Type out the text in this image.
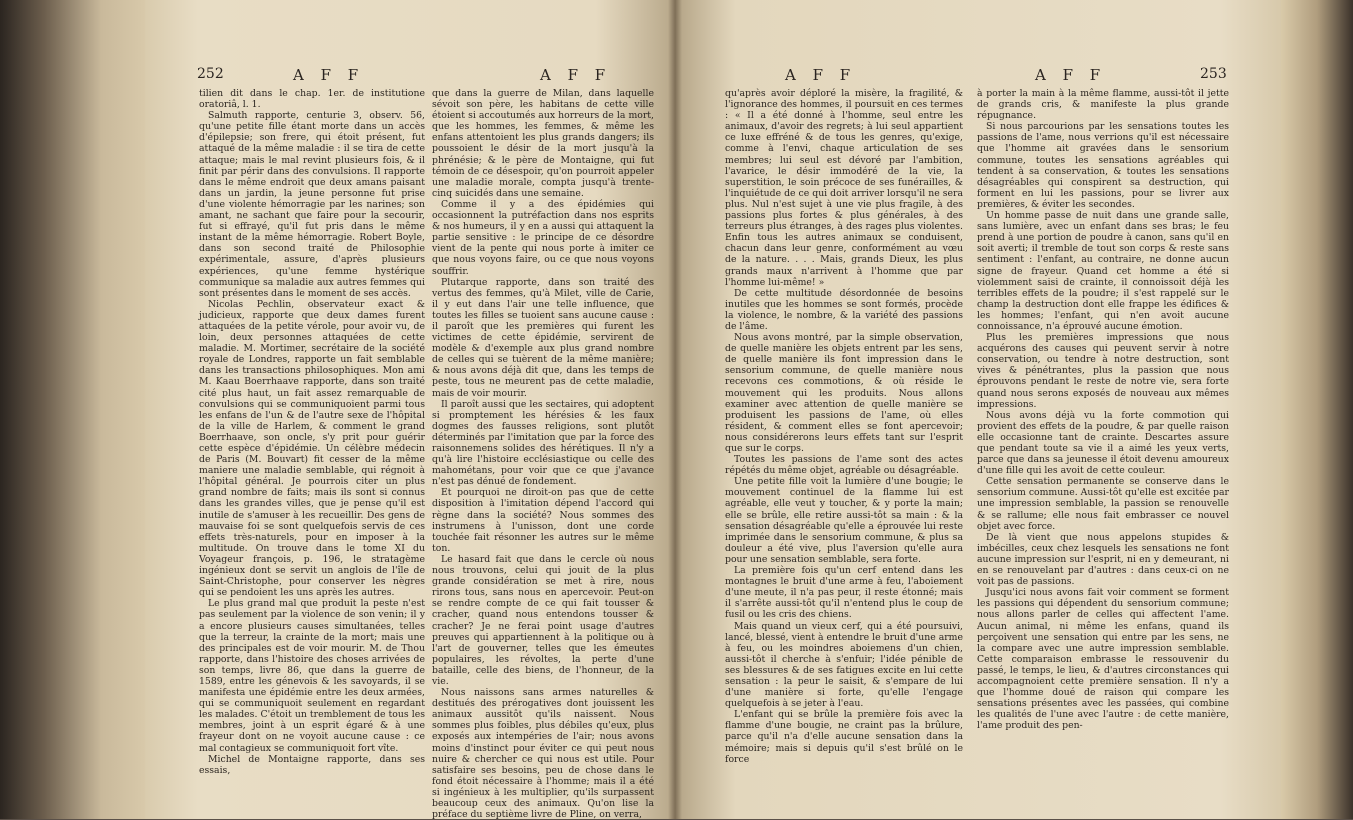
252	A F F	A F F

tilien dit dans le chap. 1er. de institutione oratoriâ, l. 1.

Salmuth rapporte, centurie 3, observ. 56, qu'une petite fille étant morte dans un accès d'épilepsie; son frere, qui étoit présent, fut attaqué de la même maladie : il se tira de cette attaque; mais le mal revint plusieurs fois, & il finit par périr dans des convulsions. Il rapporte dans le même endroit que deux amans paisant dans un jardin, la jeune personne fut prise d'une violente hémorragie par les narines; son amant, ne sachant que faire pour la secourir, fut si effrayé, qu'il fut pris dans le même instant de la même hémorragie. Robert Boyle, dans son second traité de Philosophie expérimentale, assure, d'après plusieurs expériences, qu'une femme hystérique communique sa maladie aux autres femmes qui sont présentes dans le moment de ses accès.

Nicolas Pechlin, observateur exact & judicieux, rapporte que deux dames furent attaquées de la petite vérole, pour avoir vu, de loin, deux personnes attaquées de cette maladie. M. Mortimer, secrétaire de la société royale de Londres, rapporte un fait semblable dans les transactions philosophiques. Mon ami M. Kaau Boerrhaave rapporte, dans son traité cité plus haut, un fait assez remarquable de convulsions qui se communiquoient parmi tous les enfans de l'un & de l'autre sexe de l'hôpital de la ville de Harlem, & comment le grand Boerrhaave, son oncle, s'y prit pour guérir cette espèce d'épidémie. Un célèbre médecin de Paris (M. Bouvart) fit cesser de la même maniere une maladie semblable, qui régnoit à l'hôpital général. Je pourrois citer un plus grand nombre de faits; mais ils sont si connus dans les grandes villes, que je pense qu'il est inutile de s'amuser à les recueillir. Des gens de mauvaise foi se sont quelquefois servis de ces effets très-naturels, pour en imposer à la multitude. On trouve dans le tome XI du Voyageur françois, p. 196, le stratagème ingénieux dont se servit un anglois de l'île de Saint-Christophe, pour conserver les nègres qui se pendoient les uns après les autres.

Le plus grand mal que produit la peste n'est pas seulement par la violence de son venin; il y a encore plusieurs causes simultanées, telles que la terreur, la crainte de la mort; mais une des principales est de voir mourir. M. de Thou rapporte, dans l'histoire des choses arrivées de son temps, livre 86, que dans la guerre de 1589, entre les génevois & les savoyards, il se manifesta une épidémie entre les deux armées, qui se communiquoit seulement en regardant les malades. C'étoit un tremblement de tous les membres, joint à un esprit égaré & à une frayeur dont on ne voyoit aucune cause : ce mal contagieux se communiquoit fort vîte.

Michel de Montaigne rapporte, dans ses essais,

que dans la guerre de Milan, dans laquelle sévoit son père, les habitans de cette ville étoient si accoutumés aux horreurs de la mort, que les hommes, les femmes, & même les enfans attentoient les plus grands dangers; ils poussoient le désir de la mort jusqu'à la phrénésie; & le père de Montaigne, qui fut témoin de ce désespoir, qu'on pourroit appeler une maladie morale, compta jusqu'à trente-cinq suicidés dans une semaine.

Comme il y a des épidémies qui occasionnent la putréfaction dans nos esprits & nos humeurs, il y en a aussi qui attaquent la partie sensitive : le principe de ce désordre vient de la pente qui nous porte à imiter ce que nous voyons faire, ou ce que nous voyons souffrir.

Plutarque rapporte, dans son traité des vertus des femmes, qu'à Milet, ville de Carie, il y eut dans l'air une telle influence, que toutes les filles se tuoient sans aucune cause : il paroît que les premières qui furent les victimes de cette épidémie, servirent de modèle & d'exemple aux plus grand nombre de celles qui se tuèrent de la même manière; & nous avons déjà dit que, dans les temps de peste, tous ne meurent pas de cette maladie, mais de voir mourir.

Il paroît aussi que les sectaires, qui adoptent si promptement les hérésies & les faux dogmes des fausses religions, sont plutôt déterminés par l'imitation que par la force des raisonnemens solides des hérétiques. Il n'y a qu'à lire l'histoire ecclésiastique ou celle des mahométans, pour voir que ce que j'avance n'est pas dénué de fondement.

Et pourquoi ne diroit-on pas que de cette disposition à l'imitation dépend l'accord qui règne dans la société? Nous sommes des instrumens à l'unisson, dont une corde touchée fait résonner les autres sur le même ton.

Le hasard fait que dans le cercle où nous nous trouvons, celui qui jouit de la plus grande considération se met à rire, nous rirons tous, sans nous en apercevoir. Peut-on se rendre compte de ce qui fait tousser & cracher, quand nous entendons tousser & cracher? Je ne ferai point usage d'autres preuves qui appartiennent à la politique ou à l'art de gouverner, telles que les émeutes populaires, les révoltes, la perte d'une bataille, celle des biens, de l'honneur, de la vie.

Nous naissons sans armes naturelles & destitués des prérogatives dont jouissent les animaux aussitôt qu'ils naissent. Nous sommes plus foibles, plus débiles qu'eux, plus exposés aux intempéries de l'air; nous avons moins d'instinct pour éviter ce qui peut nous nuire & chercher ce qui nous est utile. Pour satisfaire ses besoins, peu de chose dans le fond étoit nécessaire à l'homme; mais il a été si ingénieux à les multiplier, qu'ils surpassent beaucoup ceux des animaux. Qu'on lise la préface du septième livre de Pline, on verra,

A F F	A F F	253

qu'après avoir déploré la misère, la fragilité, & l'ignorance des hommes, il poursuit en ces termes : « Il a été donné à l'homme, seul entre les animaux, d'avoir des regrets; à lui seul appartient ce luxe effréné & de tous les genres, qu'exige, comme à l'envi, chaque articulation de ses membres; lui seul est dévoré par l'ambition, l'avarice, le désir immodéré de la vie, la superstition, le soin précoce de ses funérailles, & l'inquiétude de ce qui doit arriver lorsqu'il ne sera plus. Nul n'est sujet à une vie plus fragile, à des passions plus fortes & plus générales, à des terreurs plus étranges, à des rages plus violentes. Enfin tous les autres animaux se conduisent, chacun dans leur genre, conformément au vœu de la nature. . . . Mais, grands Dieux, les plus grands maux n'arrivent à l'homme que par l'homme lui-même! »

De cette multitude désordonnée de besoins inutiles que les hommes se sont formés, procède la violence, le nombre, & la variété des passions de l'âme.

Nous avons montré, par la simple observation, de quelle manière les objets entrent par les sens, de quelle manière ils font impression dans le sensorium commune, de quelle manière nous recevons ces commotions, & où réside le mouvement qui les produits. Nous allons examiner avec attention de quelle manière se produisent les passions de l'ame, où elles résident, & comment elles se font apercevoir; nous considérerons leurs effets tant sur l'esprit que sur le corps.

Toutes les passions de l'ame sont des actes répétés du même objet, agréable ou désagréable.

Une petite fille voit la lumière d'une bougie; le mouvement continuel de la flamme lui est agréable, elle veut y toucher, & y porte la main; elle se brûle, elle retire aussi-tôt sa main : & la sensation désagréable qu'elle a éprouvée lui reste imprimée dans le sensorium commune, & plus sa douleur a été vive, plus l'aversion qu'elle aura pour une sensation semblable, sera forte.

La première fois qu'un cerf entend dans les montagnes le bruit d'une arme à feu, l'aboiement d'une meute, il n'a pas peur, il reste étonné; mais il s'arrête aussi-tôt qu'il n'entend plus le coup de fusil ou les cris des chiens.

Mais quand un vieux cerf, qui a été poursuivi, lancé, blessé, vient à entendre le bruit d'une arme à feu, ou les moindres aboiemens d'un chien, aussi-tôt il cherche à s'enfuir; l'idée pénible de ses blessures & de ses fatigues excite en lui cette sensation : la peur le saisit, & s'empare de lui d'une manière si forte, qu'elle l'engage quelquefois à se jeter à l'eau.

L'enfant qui se brûle la première fois avec la flamme d'une bougie, ne craint pas la brûlure, parce qu'il n'a d'elle aucune sensation dans la mémoire; mais si depuis qu'il s'est brûlé on le force

à porter la main à la même flamme, aussi-tôt il jette de grands cris, & manifeste la plus grande répugnance.

Si nous parcourions par les sensations toutes les passions de l'ame, nous verrions qu'il est nécessaire que l'homme ait gravées dans le sensorium commune, toutes les sensations agréables qui tendent à sa conservation, & toutes les sensations désagréables qui conspirent sa destruction, qui forment en lui les passions, pour se livrer aux premières, & éviter les secondes.

Un homme passe de nuit dans une grande salle, sans lumière, avec un enfant dans ses bras; le feu prend à une portion de poudre à canon, sans qu'il en soit averti; il tremble de tout son corps & reste sans sentiment : l'enfant, au contraire, ne donne aucun signe de frayeur. Quand cet homme a été si violemment saisi de crainte, il connoissoit déjà les terribles effets de la poudre; il s'est rappelé sur le champ la destruction dont elle frappe les édifices & les hommes; l'enfant, qui n'en avoit aucune connoissance, n'a éprouvé aucune émotion.

Plus les premières impressions que nous acquérons des causes qui peuvent servir à notre conservation, ou tendre à notre destruction, sont vives & pénétrantes, plus la passion que nous éprouvons pendant le reste de notre vie, sera forte quand nous serons exposés de nouveau aux mêmes impressions.

Nous avons déjà vu la forte commotion qui provient des effets de la poudre, & par quelle raison elle occasionne tant de crainte. Descartes assure que pendant toute sa vie il a aimé les yeux verts, parce que dans sa jeunesse il étoit devenu amoureux d'une fille qui les avoit de cette couleur.

Cette sensation permanente se conserve dans le sensorium commune. Aussi-tôt qu'elle est excitée par une impression semblable, la passion se renouvelle & se rallume; elle nous fait embrasser ce nouvel objet avec force.

De là vient que nous appelons stupides & imbécilles, ceux chez lesquels les sensations ne font aucune impression sur l'esprit, ni en y demeurant, ni en se renouvelant par d'autres : dans ceux-ci on ne voit pas de passions.

Jusqu'ici nous avons fait voir comment se forment les passions qui dépendent du sensorium commune; nous allons parler de celles qui affectent l'ame. Aucun animal, ni même les enfans, quand ils perçoivent une sensation qui entre par les sens, ne la compare avec une autre impression semblable. Cette comparaison embrasse le ressouvenir du passé, le temps, le lieu, & d'autres circonstances qui accompagnoient cette première sensation. Il n'y a que l'homme doué de raison qui compare les sensations présentes avec les passées, qui combine les qualités de l'une avec l'autre : de cette manière, l'ame produit des pen-
